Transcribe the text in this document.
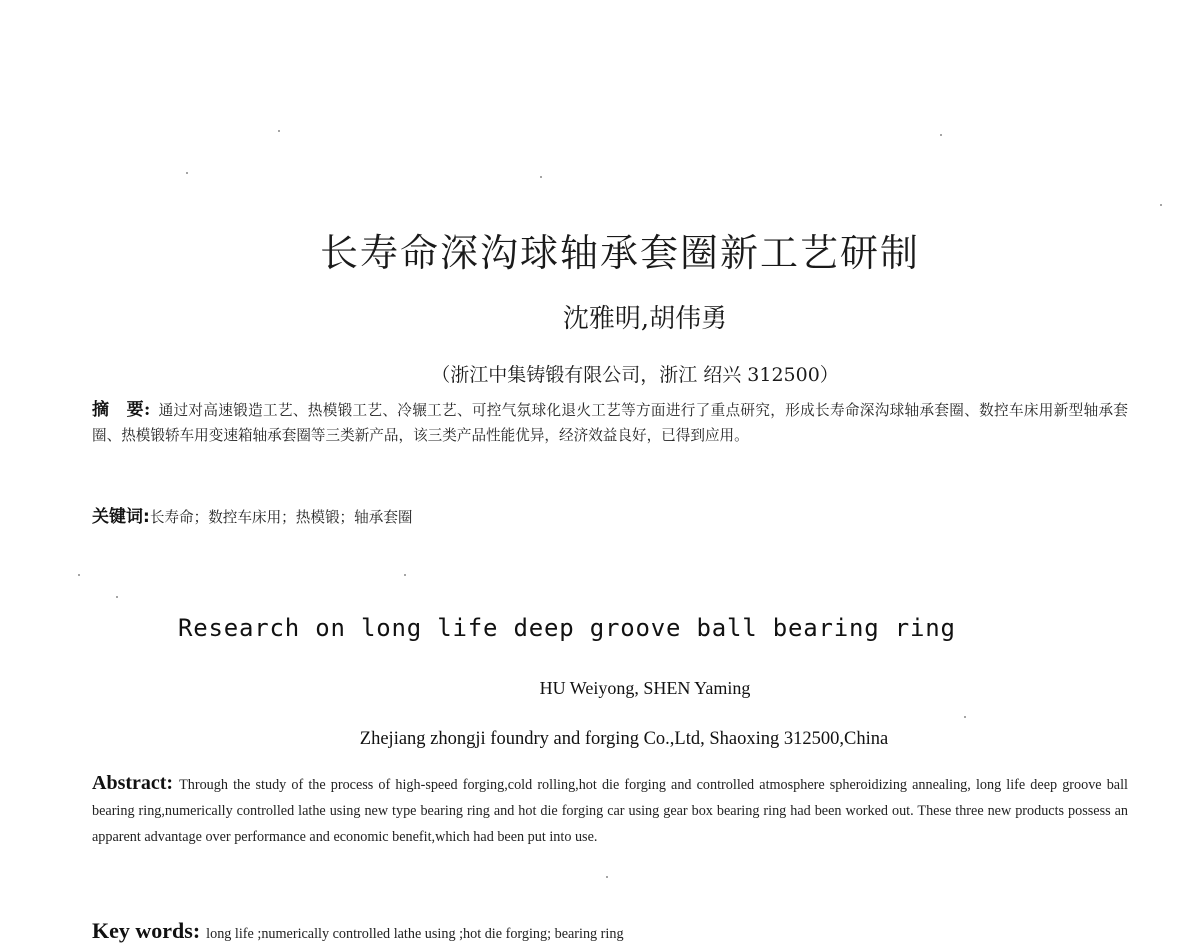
长寿命深沟球轴承套圈新工艺研制
沈雅明,胡伟勇
（浙江中集铸锻有限公司，浙江 绍兴 312500）
摘　要: 通过对高速锻造工艺、热模锻工艺、冷辗工艺、可控气氛球化退火工艺等方面进行了重点研究，形成长寿命深沟球轴承套圈、数控车床用新型轴承套圈、热模锻轿车用变速箱轴承套圈等三类新产品，该三类产品性能优异，经济效益良好，已得到应用。
关键词:长寿命；数控车床用；热模锻；轴承套圈
Research on long life deep groove ball bearing ring
HU Weiyong, SHEN Yaming
Zhejiang zhongji foundry and forging Co.,Ltd, Shaoxing 312500,China
Abstract: Through the study of the process of high-speed forging,cold rolling,hot die forging and controlled atmosphere spheroidizing annealing, long life deep groove ball bearing ring,numerically controlled lathe using new type bearing ring and hot die forging car using gear box bearing ring had been worked out. These three new products possess an apparent advantage over performance and economic benefit,which had been put into use.
Key words: long life ;numerically controlled lathe using ;hot die forging; bearing ring
